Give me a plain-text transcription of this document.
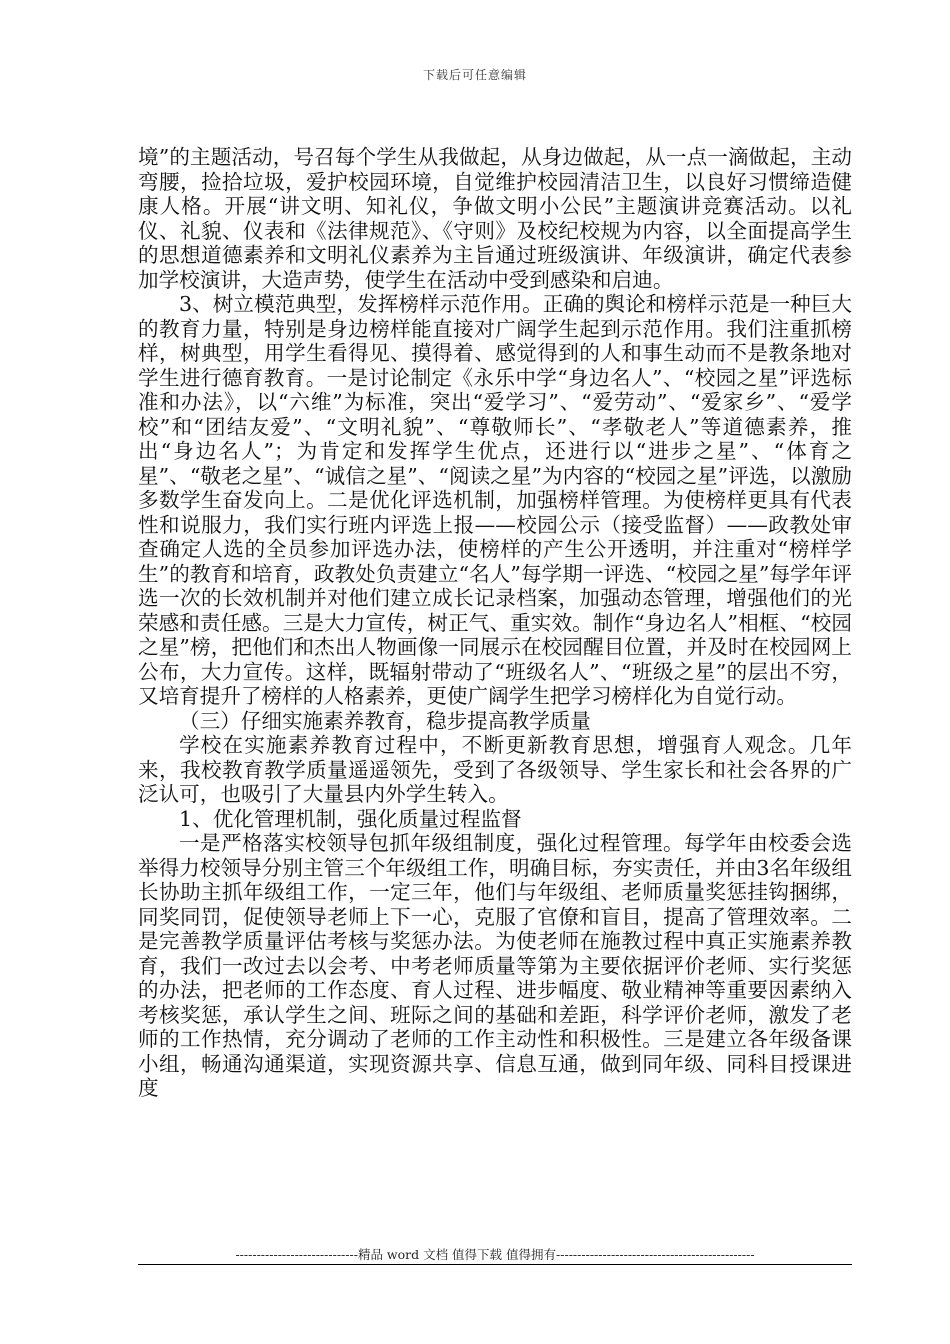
下载后可任意编辑

境”的主题活动，号召每个学生从我做起，从身边做起，从一点一滴做起，主动弯腰，捡拾垃圾，爱护校园环境，自觉维护校园清洁卫生，以良好习惯缔造健康人格。开展“讲文明、知礼仪，争做文明小公民”主题演讲竞赛活动。以礼仪、礼貌、仪表和《法律规范》、《守则》及校纪校规为内容，以全面提高学生的思想道德素养和文明礼仪素养为主旨通过班级演讲、年级演讲，确定代表参加学校演讲，大造声势，使学生在活动中受到感染和启迪。

3、树立模范典型，发挥榜样示范作用。正确的舆论和榜样示范是一种巨大的教育力量，特别是身边榜样能直接对广阔学生起到示范作用。我们注重抓榜样，树典型，用学生看得见、摸得着、感觉得到的人和事生动而不是教条地对学生进行德育教育。一是讨论制定《永乐中学“身边名人”、“校园之星”评选标准和办法》，以“六维”为标准，突出“爱学习”、“爱劳动”、“爱家乡”、“爱学校”和“团结友爱”、“文明礼貌”、“尊敬师长”、“孝敬老人”等道德素养，推出“身边名人”；为肯定和发挥学生优点，还进行以“进步之星”、“体育之星”、“敬老之星”、“诚信之星”、“阅读之星”为内容的“校园之星”评选，以激励多数学生奋发向上。二是优化评选机制，加强榜样管理。为使榜样更具有代表性和说服力，我们实行班内评选上报——校园公示（接受监督）——政教处审查确定人选的全员参加评选办法，使榜样的产生公开透明，并注重对“榜样学生”的教育和培育，政教处负责建立“名人”每学期一评选、“校园之星”每学年评选一次的长效机制并对他们建立成长记录档案，加强动态管理，增强他们的光荣感和责任感。三是大力宣传，树正气、重实效。制作“身边名人”相框、“校园之星”榜，把他们和杰出人物画像一同展示在校园醒目位置，并及时在校园网上公布，大力宣传。这样，既辐射带动了“班级名人”、“班级之星”的层出不穷，又培育提升了榜样的人格素养，更使广阔学生把学习榜样化为自觉行动。

（三）仔细实施素养教育，稳步提高教学质量

学校在实施素养教育过程中，不断更新教育思想，增强育人观念。几年来，我校教育教学质量遥遥领先，受到了各级领导、学生家长和社会各界的广泛认可，也吸引了大量县内外学生转入。

1、优化管理机制，强化质量过程监督

一是严格落实校领导包抓年级组制度，强化过程管理。每学年由校委会选举得力校领导分别主管三个年级组工作，明确目标，夯实责任，并由3名年级组长协助主抓年级组工作，一定三年，他们与年级组、老师质量奖惩挂钩捆绑，同奖同罚，促使领导老师上下一心，克服了官僚和盲目，提高了管理效率。二是完善教学质量评估考核与奖惩办法。为使老师在施教过程中真正实施素养教育，我们一改过去以会考、中考老师质量等第为主要依据评价老师、实行奖惩的办法，把老师的工作态度、育人过程、进步幅度、敬业精神等重要因素纳入考核奖惩，承认学生之间、班际之间的基础和差距，科学评价老师，激发了老师的工作热情，充分调动了老师的工作主动性和积极性。三是建立各年级备课小组，畅通沟通渠道，实现资源共享、信息互通，做到同年级、同科目授课进度

-----------------------------精品 word 文档 值得下载 值得拥有-----------------------------------------------
